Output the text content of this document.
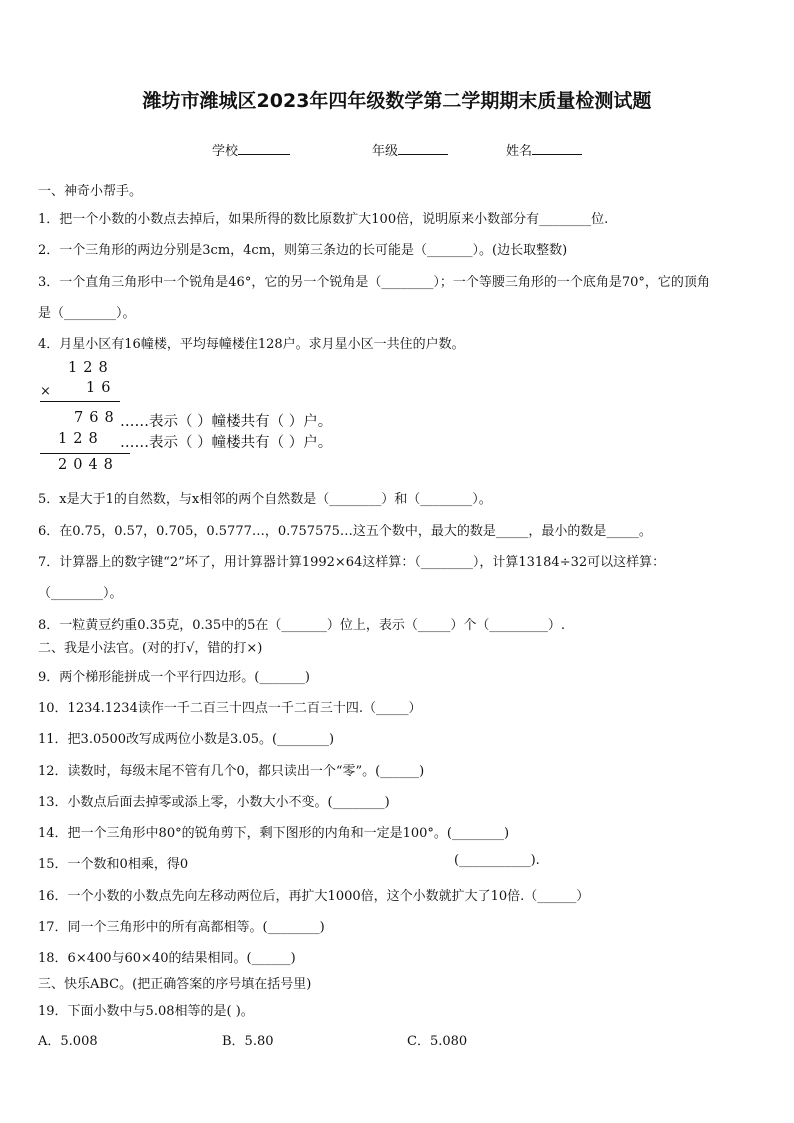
潍坊市潍城区2023年四年级数学第二学期期末质量检测试题
学校	年级	姓名
一、神奇小帮手。
1．把一个小数的小数点去掉后，如果所得的数比原数扩大100倍，说明原来小数部分有________位.
2．一个三角形的两边分别是3cm，4cm，则第三条边的长可能是（_______）。(边长取整数)
3．一个直角三角形中一个锐角是46°，它的另一个锐角是（________）；一个等腰三角形的一个底角是70°，它的顶角
是（________）。
4．月星小区有16幢楼，平均每幢楼住128户。求月星小区一共住的户数。
128
× 16
768 ……表示（ ）幢楼共有（ ）户。
128 ……表示（ ）幢楼共有（ ）户。
2048
5．x是大于1的自然数，与x相邻的两个自然数是（________）和（________）。
6．在0.75，0.57，0.705，0.5777…，0.757575…这五个数中，最大的数是_____，最小的数是_____。
7．计算器上的数字键“2”坏了，用计算器计算1992×64这样算：（________），计算13184÷32可以这样算：
（________）。
8．一粒黄豆约重0.35克，0.35中的5在（_______）位上，表示（_____）个（_________）.
二、我是小法官。(对的打√，错的打×)
9．两个梯形能拼成一个平行四边形。(_______)
10．1234.1234读作一千二百三十四点一千二百三十四.（_____）
11．把3.0500改写成两位小数是3.05。(________)
12．读数时，每级末尾不管有几个0，都只读出一个“零”。(______)
13．小数点后面去掉零或添上零，小数大小不变。(________)
14．把一个三角形中80°的锐角剪下，剩下图形的内角和一定是100°。(________)
15．一个数和0相乘，得0	(___________).
16．一个小数的小数点先向左移动两位后，再扩大1000倍，这个小数就扩大了10倍.（______）
17．同一个三角形中的所有高都相等。(________)
18．6×400与60×40的结果相同。(______)
三、快乐ABC。(把正确答案的序号填在括号里)
19．下面小数中与5.08相等的是( )。
A．5.008	B．5.80	C．5.080
